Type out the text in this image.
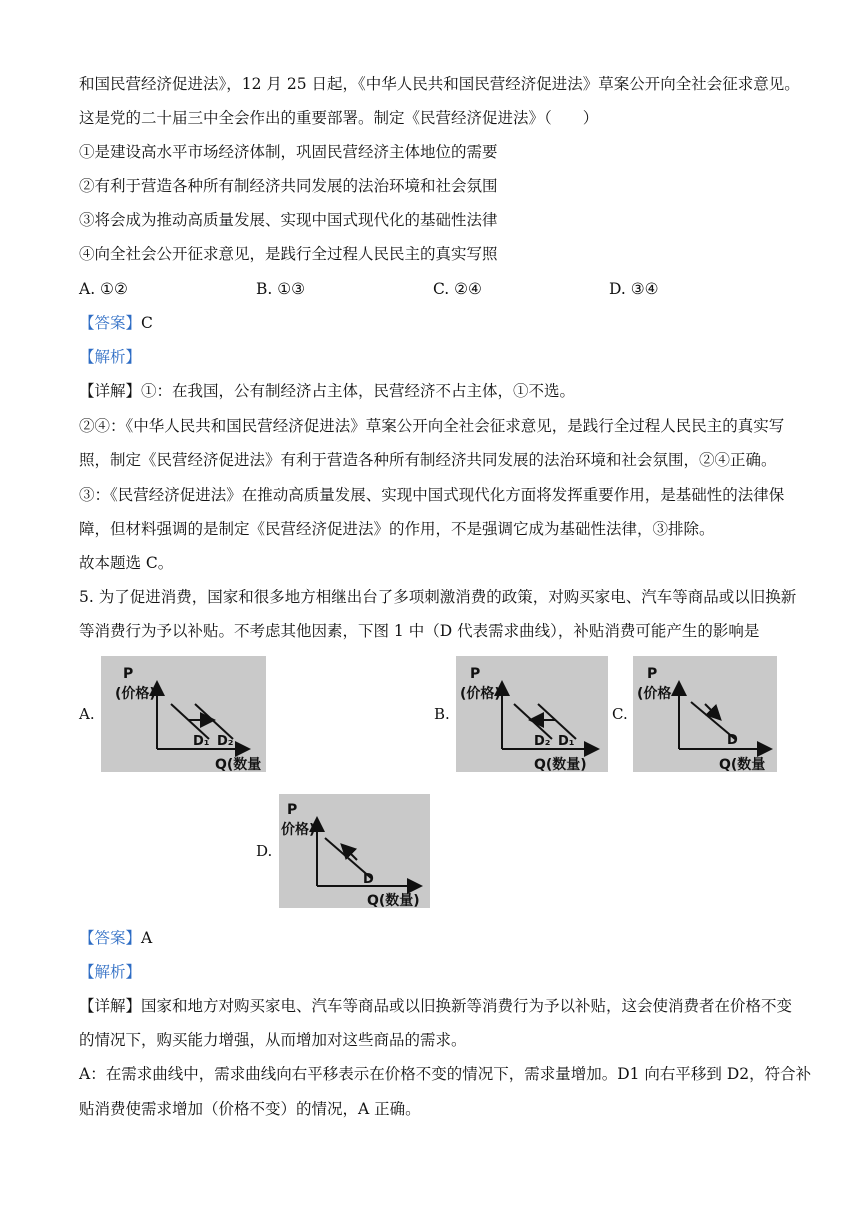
和国民营经济促进法》，12 月 25 日起，《中华人民共和国民营经济促进法》草案公开向全社会征求意见。
这是党的二十届三中全会作出的重要部署。制定《民营经济促进法》（　　）
①是建设高水平市场经济体制，巩固民营经济主体地位的需要
②有利于营造各种所有制经济共同发展的法治环境和社会氛围
③将会成为推动高质量发展、实现中国式现代化的基础性法律
④向全社会公开征求意见，是践行全过程人民民主的真实写照
A. ①②	B. ①③	C. ②④	D. ③④
【答案】C
【解析】
【详解】①：在我国，公有制经济占主体，民营经济不占主体，①不选。
②④：《中华人民共和国民营经济促进法》草案公开向全社会征求意见，是践行全过程人民民主的真实写
照，制定《民营经济促进法》有利于营造各种所有制经济共同发展的法治环境和社会氛围，②④正确。
③：《民营经济促进法》在推动高质量发展、实现中国式现代化方面将发挥重要作用，是基础性的法律保
障，但材料强调的是制定《民营经济促进法》的作用，不是强调它成为基础性法律，③排除。
故本题选 C。
5. 为了促进消费，国家和很多地方相继出台了多项刺激消费的政策，对购买家电、汽车等商品或以旧换新
等消费行为予以补贴。不考虑其他因素，下图 1 中（D 代表需求曲线），补贴消费可能产生的影响是
A.
P
(价格)
Q(数量
D₁ D₂
B.
P
(价格)
Q(数量)
D₂ D₁
C.
P
(价格
Q(数量
D
D.
P
价格)
Q(数量)
D
【答案】A
【解析】
【详解】国家和地方对购买家电、汽车等商品或以旧换新等消费行为予以补贴，这会使消费者在价格不变
的情况下，购买能力增强，从而增加对这些商品的需求。
A：在需求曲线中，需求曲线向右平移表示在价格不变的情况下，需求量增加。D1 向右平移到 D2，符合补
贴消费使需求增加（价格不变）的情况，A 正确。
